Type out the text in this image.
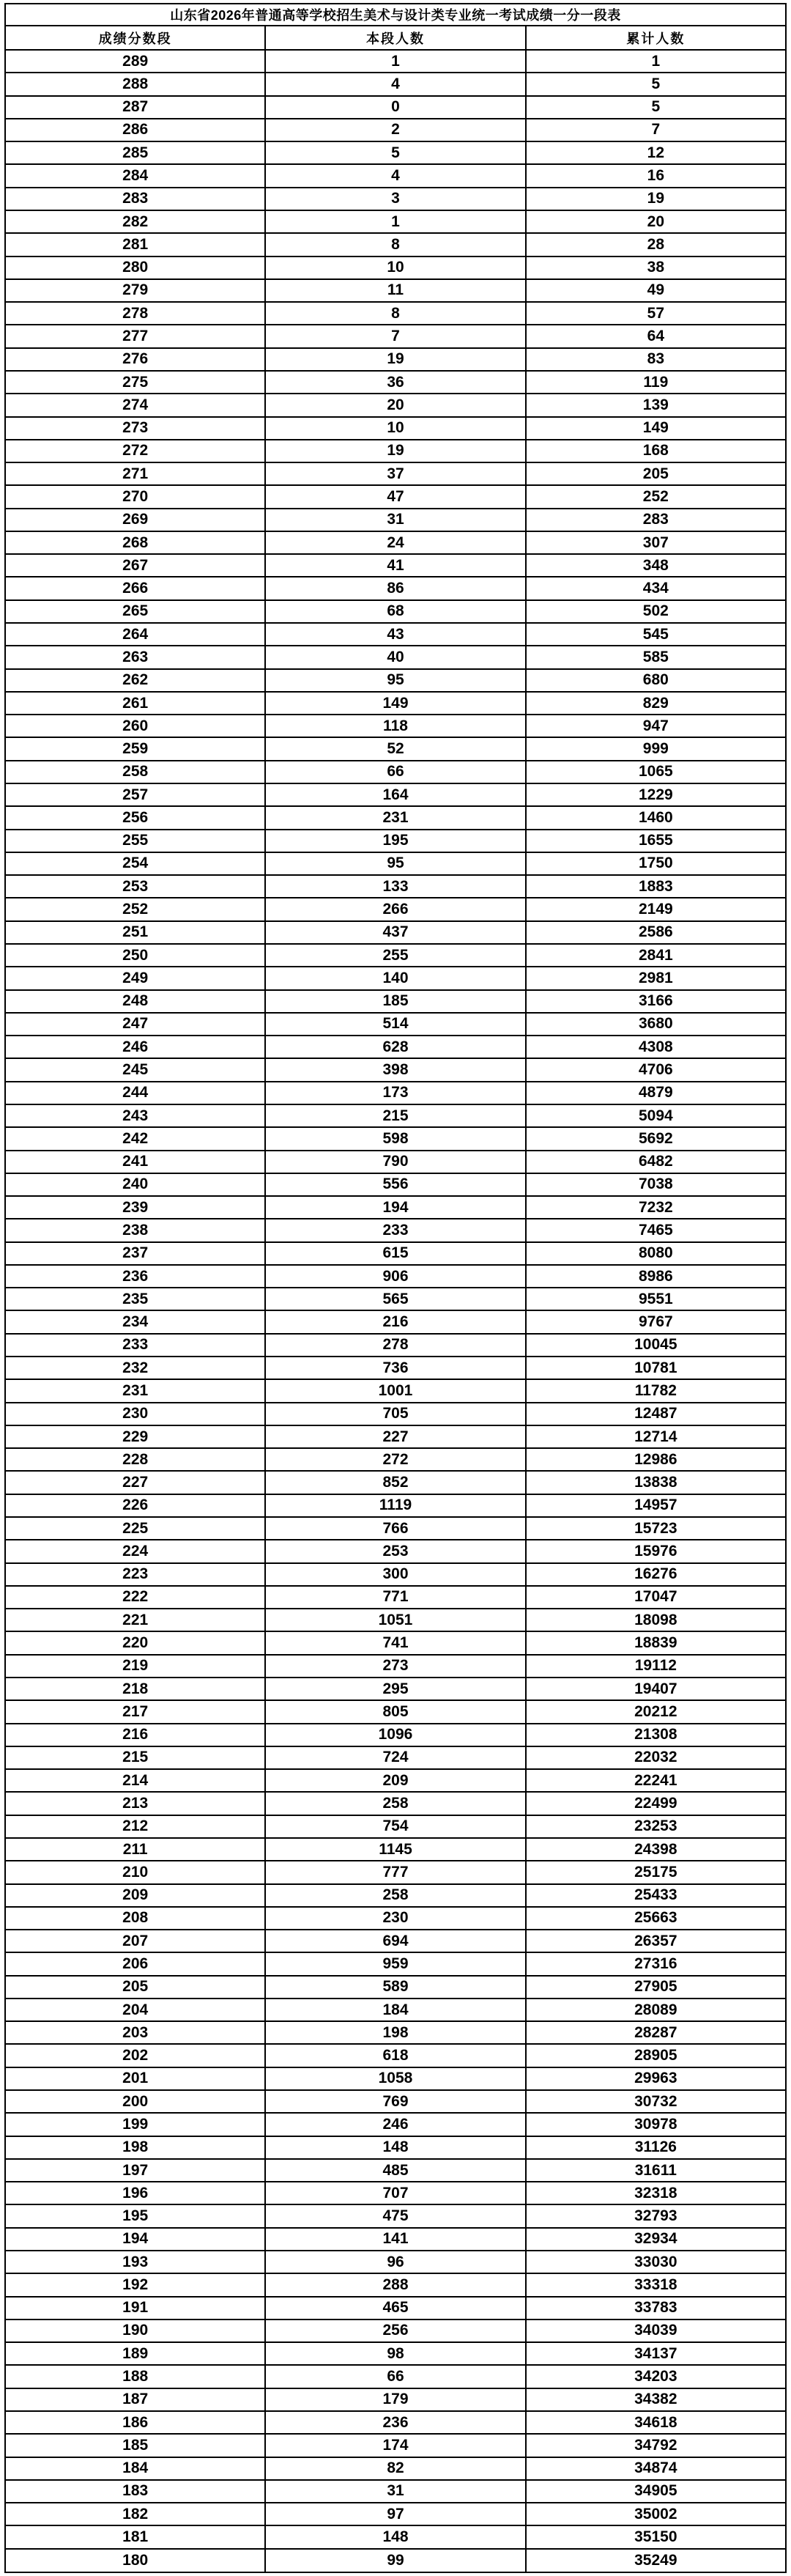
山东省2026年普通高等学校招生美术与设计类专业统一考试成绩一分一段表		
成绩分数段	本段人数	累计人数
289	1	1
288	4	5
287	0	5
286	2	7
285	5	12
284	4	16
283	3	19
282	1	20
281	8	28
280	10	38
279	11	49
278	8	57
277	7	64
276	19	83
275	36	119
274	20	139
273	10	149
272	19	168
271	37	205
270	47	252
269	31	283
268	24	307
267	41	348
266	86	434
265	68	502
264	43	545
263	40	585
262	95	680
261	149	829
260	118	947
259	52	999
258	66	1065
257	164	1229
256	231	1460
255	195	1655
254	95	1750
253	133	1883
252	266	2149
251	437	2586
250	255	2841
249	140	2981
248	185	3166
247	514	3680
246	628	4308
245	398	4706
244	173	4879
243	215	5094
242	598	5692
241	790	6482
240	556	7038
239	194	7232
238	233	7465
237	615	8080
236	906	8986
235	565	9551
234	216	9767
233	278	10045
232	736	10781
231	1001	11782
230	705	12487
229	227	12714
228	272	12986
227	852	13838
226	1119	14957
225	766	15723
224	253	15976
223	300	16276
222	771	17047
221	1051	18098
220	741	18839
219	273	19112
218	295	19407
217	805	20212
216	1096	21308
215	724	22032
214	209	22241
213	258	22499
212	754	23253
211	1145	24398
210	777	25175
209	258	25433
208	230	25663
207	694	26357
206	959	27316
205	589	27905
204	184	28089
203	198	28287
202	618	28905
201	1058	29963
200	769	30732
199	246	30978
198	148	31126
197	485	31611
196	707	32318
195	475	32793
194	141	32934
193	96	33030
192	288	33318
191	465	33783
190	256	34039
189	98	34137
188	66	34203
187	179	34382
186	236	34618
185	174	34792
184	82	34874
183	31	34905
182	97	35002
181	148	35150
180	99	35249
